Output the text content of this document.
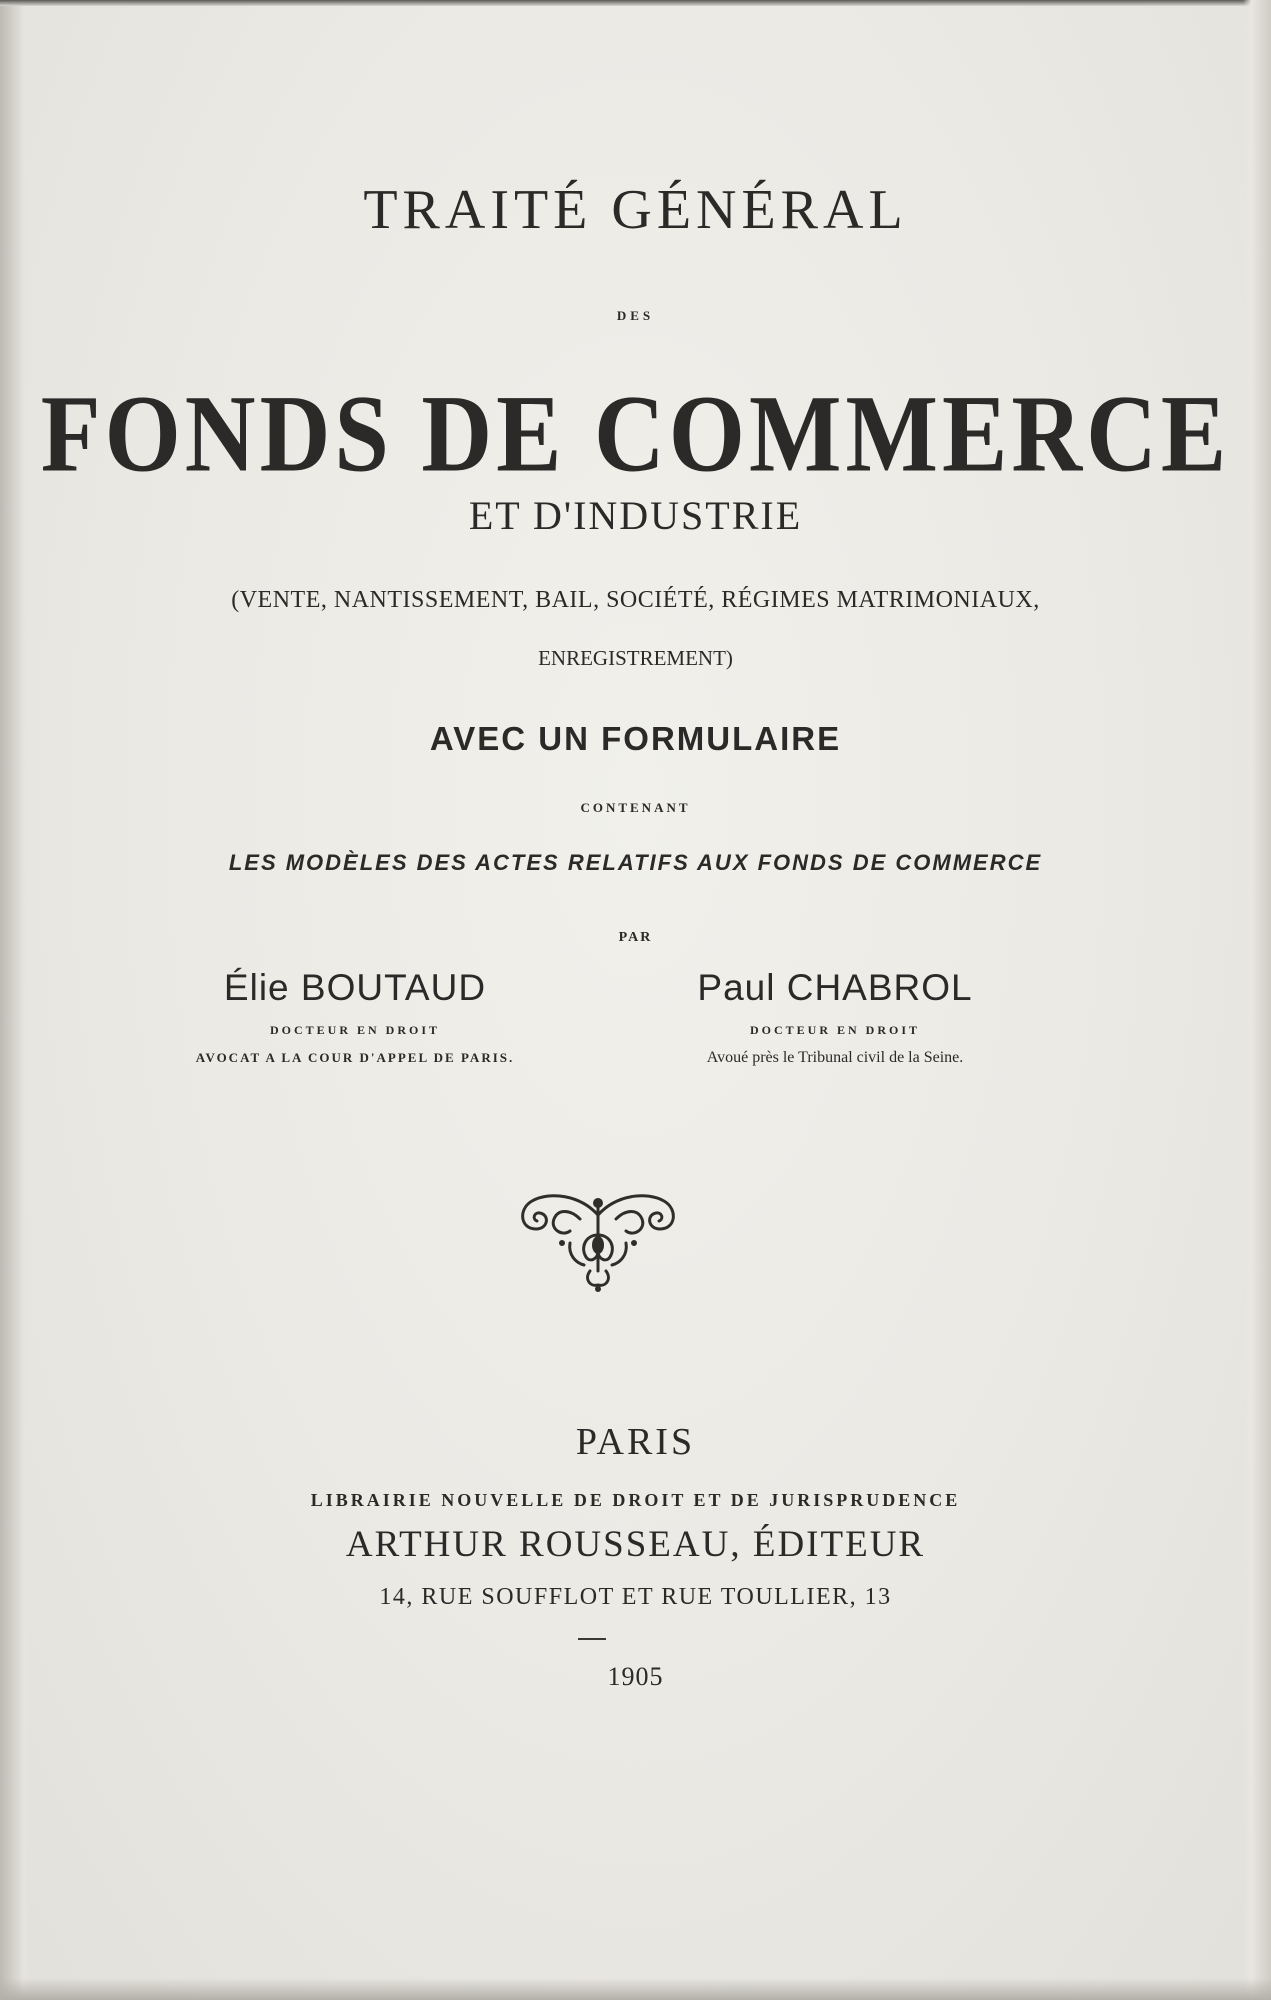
TRAITÉ GÉNÉRAL
DES
FONDS DE COMMERCE
ET D'INDUSTRIE
(VENTE, NANTISSEMENT, BAIL, SOCIÉTÉ, RÉGIMES MATRIMONIAUX,
ENREGISTREMENT)
AVEC UN FORMULAIRE
CONTENANT
LES MODÈLES DES ACTES RELATIFS AUX FONDS DE COMMERCE
PAR
Élie BOUTAUD
DOCTEUR EN DROIT
AVOCAT A LA COUR D'APPEL DE PARIS.
Paul CHABROL
DOCTEUR EN DROIT
Avoué près le Tribunal civil de la Seine.
PARIS
LIBRAIRIE NOUVELLE DE DROIT ET DE JURISPRUDENCE
ARTHUR ROUSSEAU, ÉDITEUR
14, RUE SOUFFLOT ET RUE TOULLIER, 13
1905
